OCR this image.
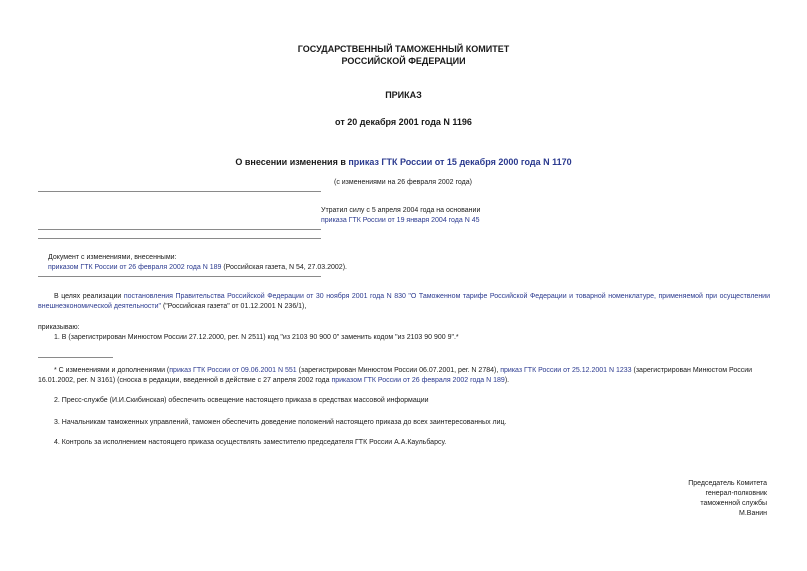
ГОСУДАРСТВЕННЫЙ ТАМОЖЕННЫЙ КОМИТЕТ
РОССИЙСКОЙ ФЕДЕРАЦИИ
ПРИКАЗ
от 20 декабря 2001 года N 1196
О внесении изменения в приказ ГТК России от 15 декабря 2000 года N 1170
(с изменениями на 26 февраля 2002 года)
Утратил силу с 5 апреля 2004 года на основании
приказа ГТК России от 19 января 2004 года N 45
Документ с изменениями, внесенными:
приказом ГТК России от 26 февраля 2002 года N 189 (Российская газета, N 54, 27.03.2002).
В целях реализации постановления Правительства Российской Федерации от 30 ноября 2001 года N 830 "О Таможенном тарифе Российской Федерации и товарной номенклатуре, применяемой при осуществлении внешнеэкономической деятельности" ("Российская газета" от 01.12.2001 N 236/1),
приказываю:
1. В (зарегистрирован Минюстом России 27.12.2000, рег. N 2511) код "из 2103 90 900 0" заменить кодом "из 2103 90 900 9".*
* С изменениями и дополнениями (приказ ГТК России от 09.06.2001 N 551 (зарегистрирован Минюстом России 06.07.2001, рег. N 2784), приказ ГТК России от 25.12.2001 N 1233 (зарегистрирован Минюстом России 16.01.2002, рег. N 3161) (сноска в редакции, введенной в действие с 27 апреля 2002 года приказом ГТК России от 26 февраля 2002 года N 189).
2. Пресс-службе (И.И.Скибинская) обеспечить освещение настоящего приказа в средствах массовой информации
3. Начальникам таможенных управлений, таможен обеспечить доведение положений настоящего приказа до всех заинтересованных лиц.
4. Контроль за исполнением настоящего приказа осуществлять заместителю председателя ГТК России А.А.Каульбарсу.
Председатель Комитета
генерал-полковник
таможенной службы
М.Ванин
